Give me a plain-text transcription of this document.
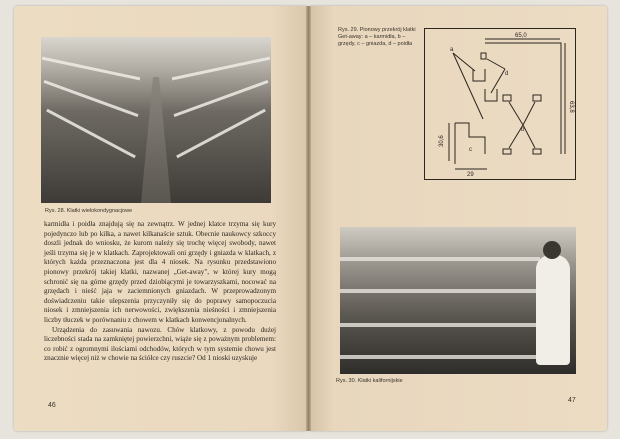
Rys. 28. Klatki wielokondygnacjowe

karmidła i poidła znajdują się na zewnątrz. W jednej klatce trzyma się kury pojedynczo lub po kilka, a nawet kilkanaście sztuk. Obecnie naukowcy szkoccy doszli jednak do wniosku, że kurom należy się trochę więcej swobody, nawet jeśli trzyma się je w klatkach. Zaprojektowali oni grzędy i gniazda w klatkach, z których każda przeznaczona jest dla 4 niosek. Na rysunku przedstawiono pionowy przekrój takiej klatki, nazwanej „Get-away", w której kury mogą schronić się na górne grzędy przed dziobiącymi je towarzyszkami, nocować na grzędach i nieść jaja w zaciemnionych gniazdach. W przeprowadzonym doświadczeniu takie ulepszenia przyczyniły się do poprawy samopoczucia niosek i zmniejszenia ich nerwowości, zwiększenia nieśności i zmniejszenia liczby tłuczek w porównaniu z chowem w klatkach konwencjonalnych.

Urządzenia do zasuwania nawozu. Chów klatkowy, z powodu dużej liczebności stada na zamkniętej powierzchni, wiąże się z poważnym problemem: co robić z ogromnymi ilościami odchodów, których w tym systemie chowu jest znacznie więcej niż w chowie na ściółce czy ruszcie? Od 1 nioski uzyskuje

46
Rys. 29. Pionowy przekrój klatki Get-away: a – karmidła, b – grzędy, c – gniazda, d – poidła
65,0
63,8
30,6
29
a
b
c
d
Rys. 30. Klatki kalifornijskie
47
